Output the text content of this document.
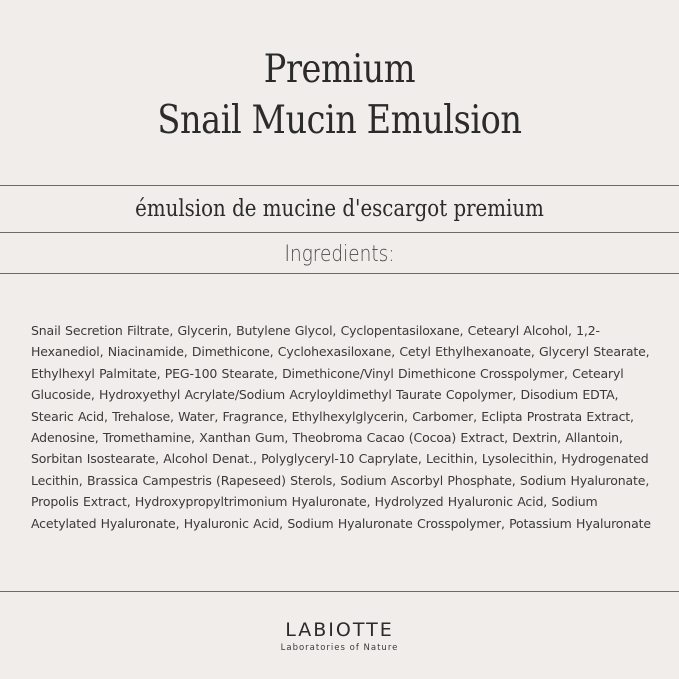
Premium
Snail Mucin Emulsion
émulsion de mucine d'escargot premium
Ingredients:
Snail Secretion Filtrate, Glycerin, Butylene Glycol, Cyclopentasiloxane, Cetearyl Alcohol, 1,2-Hexanediol, Niacinamide, Dimethicone, Cyclohexasiloxane, Cetyl Ethylhexanoate, Glyceryl Stearate, Ethylhexyl Palmitate, PEG-100 Stearate, Dimethicone/Vinyl Dimethicone Crosspolymer, Cetearyl Glucoside, Hydroxyethyl Acrylate/Sodium Acryloyldimethyl Taurate Copolymer, Disodium EDTA, Stearic Acid, Trehalose, Water, Fragrance, Ethylhexylglycerin, Carbomer, Eclipta Prostrata Extract, Adenosine, Tromethamine, Xanthan Gum, Theobroma Cacao (Cocoa) Extract, Dextrin, Allantoin, Sorbitan Isostearate, Alcohol Denat., Polyglyceryl-10 Caprylate, Lecithin, Lysolecithin, Hydrogenated Lecithin, Brassica Campestris (Rapeseed) Sterols, Sodium Ascorbyl Phosphate, Sodium Hyaluronate, Propolis Extract, Hydroxypropyltrimonium Hyaluronate, Hydrolyzed Hyaluronic Acid, Sodium Acetylated Hyaluronate, Hyaluronic Acid, Sodium Hyaluronate Crosspolymer, Potassium Hyaluronate
LABIOTTE
Laboratories of Nature
